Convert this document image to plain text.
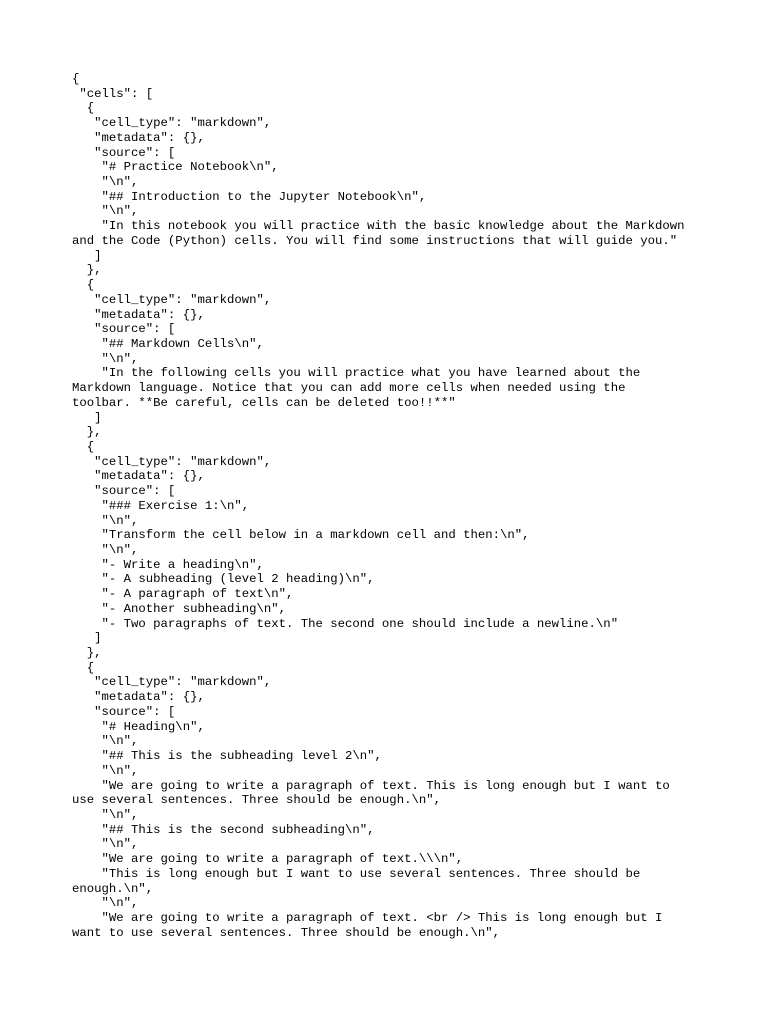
{
"cells": [
{
"cell_type": "markdown",
"metadata": {},
"source": [
"# Practice Notebook\n",
"\n",
"## Introduction to the Jupyter Notebook\n",
"\n",
"In this notebook you will practice with the basic knowledge about the Markdown
and the Code (Python) cells. You will find some instructions that will guide you."
]
},
{
"cell_type": "markdown",
"metadata": {},
"source": [
"## Markdown Cells\n",
"\n",
"In the following cells you will practice what you have learned about the
Markdown language. Notice that you can add more cells when needed using the
toolbar. **Be careful, cells can be deleted too!!**"
]
},
{
"cell_type": "markdown",
"metadata": {},
"source": [
"### Exercise 1:\n",
"\n",
"Transform the cell below in a markdown cell and then:\n",
"\n",
"- Write a heading\n",
"- A subheading (level 2 heading)\n",
"- A paragraph of text\n",
"- Another subheading\n",
"- Two paragraphs of text. The second one should include a newline.\n"
]
},
{
"cell_type": "markdown",
"metadata": {},
"source": [
"# Heading\n",
"\n",
"## This is the subheading level 2\n",
"\n",
"We are going to write a paragraph of text. This is long enough but I want to
use several sentences. Three should be enough.\n",
"\n",
"## This is the second subheading\n",
"\n",
"We are going to write a paragraph of text.\\\n",
"This is long enough but I want to use several sentences. Three should be
enough.\n",
"\n",
"We are going to write a paragraph of text. <br /> This is long enough but I
want to use several sentences. Three should be enough.\n",
